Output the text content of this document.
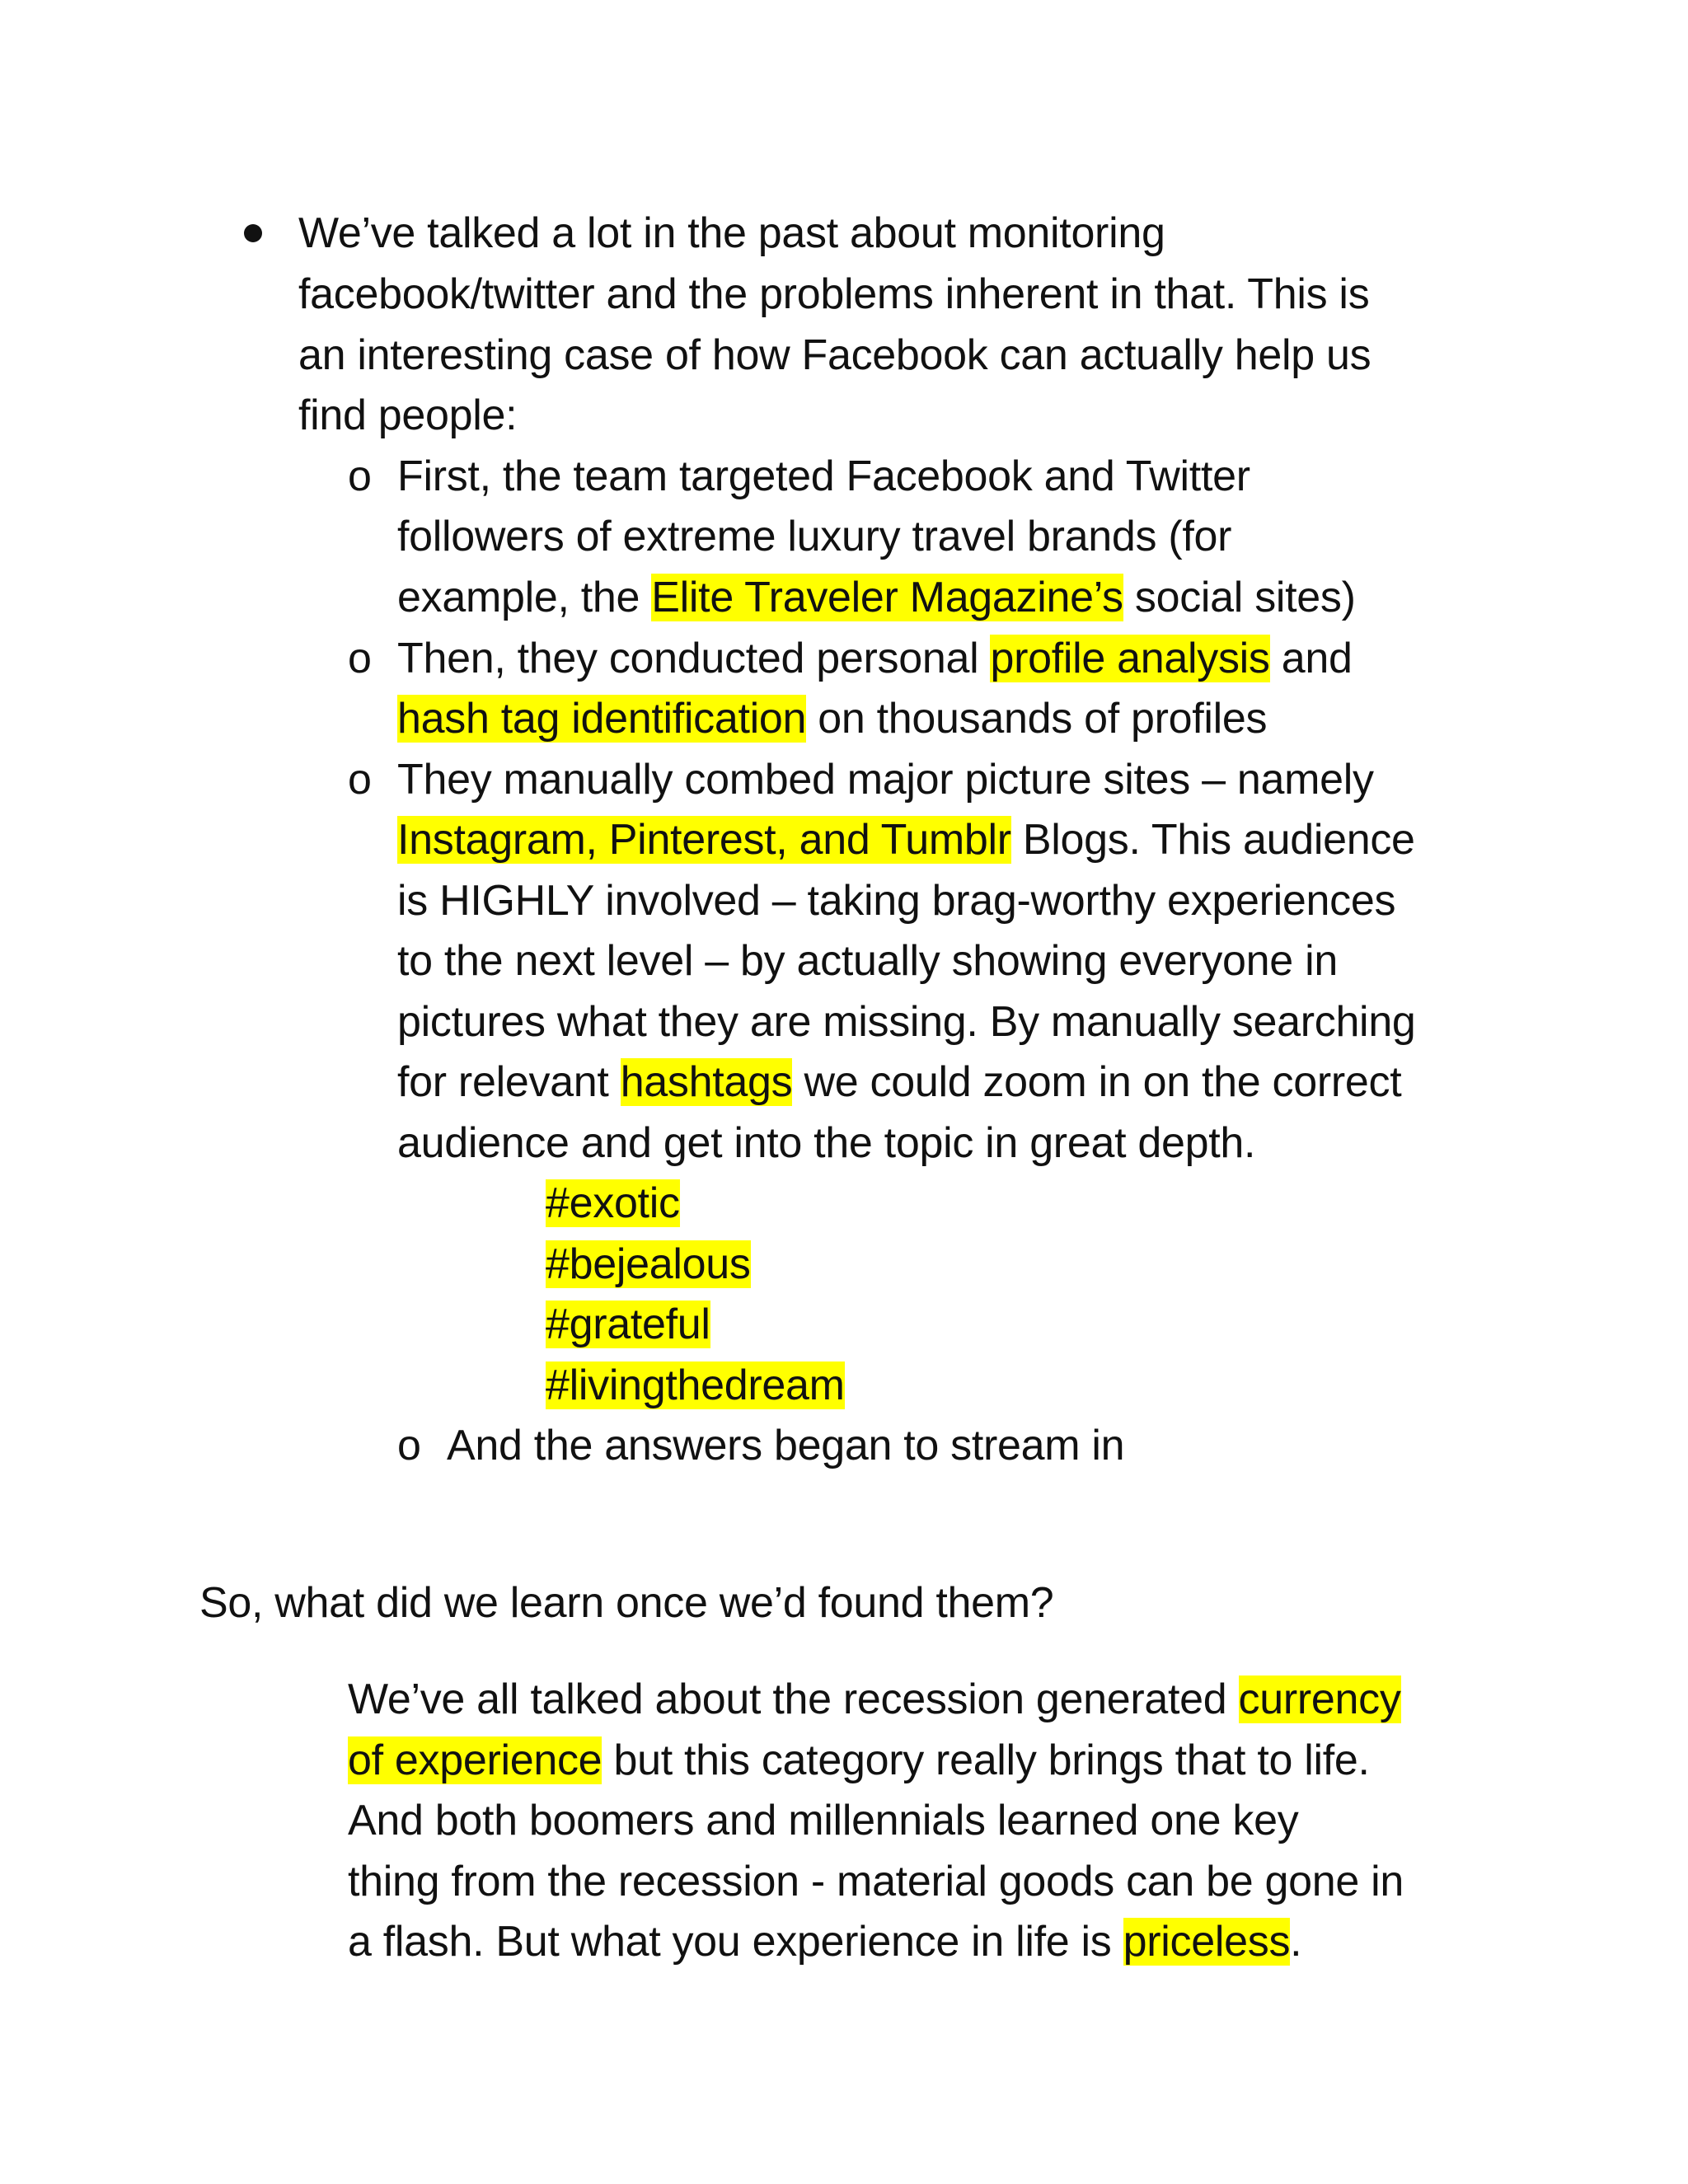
We’ve talked a lot in the past about monitoring
facebook/twitter and the problems inherent in that. This is
an interesting case of how Facebook can actually help us
find people:
o First, the team targeted Facebook and Twitter
followers of extreme luxury travel brands (for
example, the Elite Traveler Magazine’s social sites)
o Then, they conducted personal profile analysis and
hash tag identification on thousands of profiles
o They manually combed major picture sites – namely
Instagram, Pinterest, and Tumblr Blogs. This audience
is HIGHLY involved – taking brag-worthy experiences
to the next level – by actually showing everyone in
pictures what they are missing. By manually searching
for relevant hashtags we could zoom in on the correct
audience and get into the topic in great depth.
#exotic
#bejealous
#grateful
#livingthedream
o And the answers began to stream in
So, what did we learn once we’d found them?
We’ve all talked about the recession generated currency
of experience but this category really brings that to life.
And both boomers and millennials learned one key
thing from the recession - material goods can be gone in
a flash. But what you experience in life is priceless.
